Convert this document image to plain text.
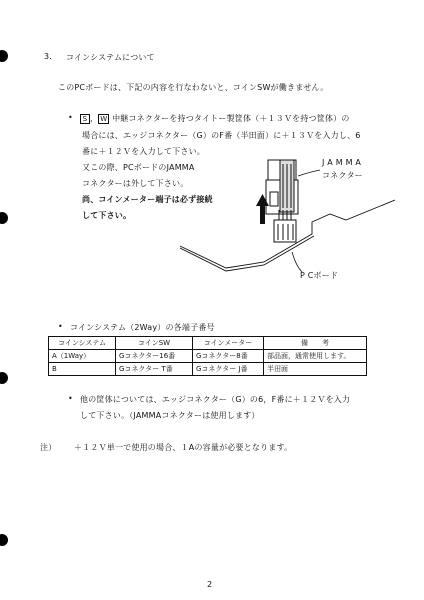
3. コインシステムについて
このPCボードは、下記の内容を行なわないと、コインSWが働きません。
•	S ， W 中継コネクターを持つタイトー製筐体（＋１３Ｖを持つ筐体）の
場合には、エッジコネクター（G）のF番（半田面）に＋１３Ｖを入力し、6
番に＋１２Ｖを入力して下さい。
又この際、PCボードのJAMMA
コネクターは外して下さい。
尚、コインメーター端子は必ず接続
して下さい。
J A M M A
コネクター
P Cボード
• コインシステム（2Way）の各端子番号
コインシステム	コインSW	コインメーター	備　　考
A（1Way）	Gコネクター16番	Gコネクター8番	部品面，通常使用します。
B	Gコネクター T番	Gコネクター J番	半田面
• 他の筐体については、エッジコネクター（G）の6，F番に＋１２Ｖを入力
して下さい。（JAMMAコネクターは使用します）
注） ＋１２Ｖ単一で使用の場合、１Aの容量が必要となります。
2
